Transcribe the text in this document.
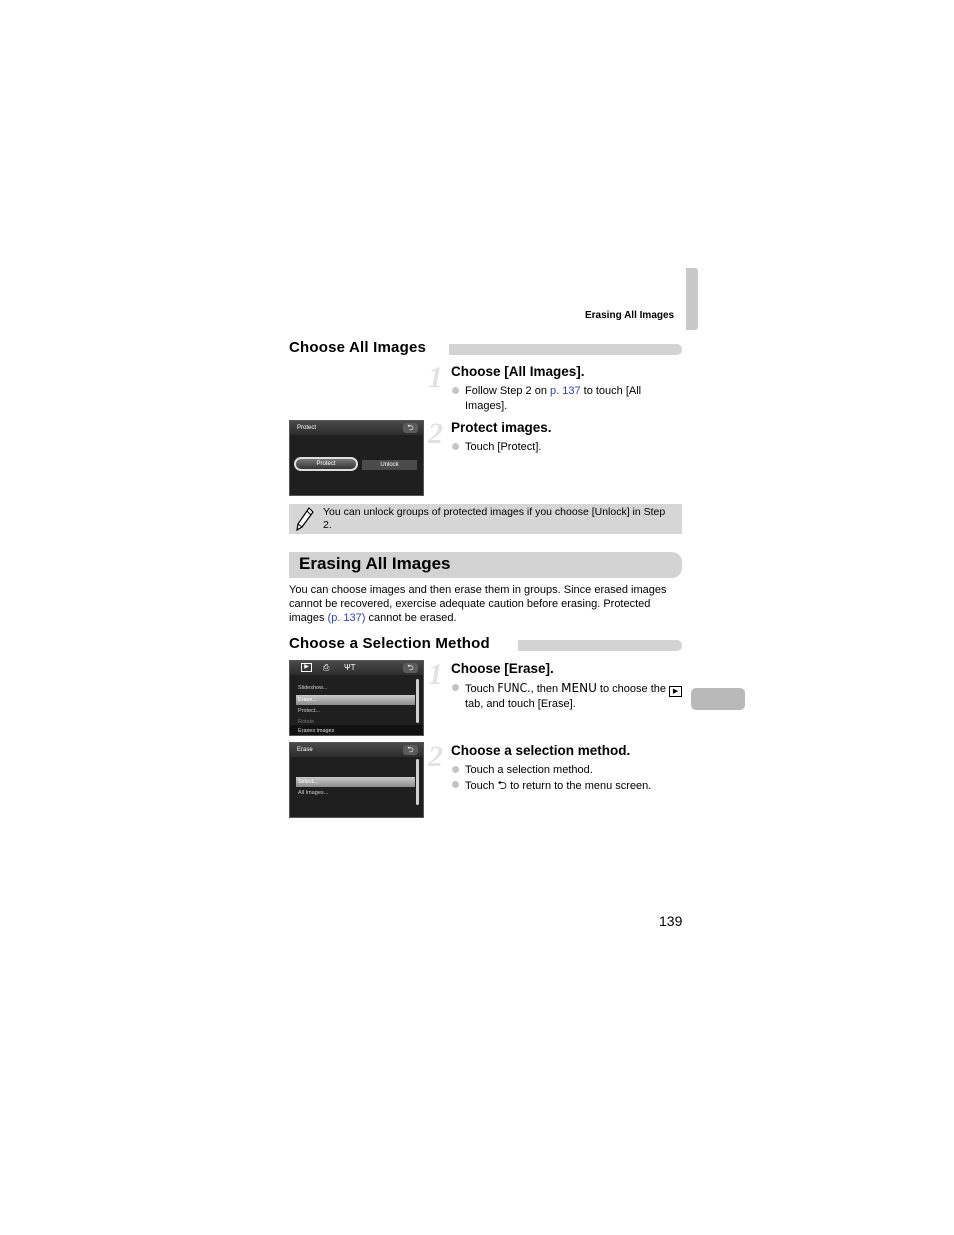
Erasing All Images
Choose All Images
1 Choose [All Images].
Follow Step 2 on p. 137 to touch [All Images].
Protect	⮌
Protect	Unlock
2 Protect images.
Touch [Protect].
You can unlock groups of protected images if you choose [Unlock] in Step 2.
Erasing All Images
You can choose images and then erase them in groups. Since erased images cannot be recovered, exercise adequate caution before erasing. Protected images (p. 137) cannot be erased.
Choose a Selection Method
▶	⎙ ΨT	⮌
Slideshow...
Erase...
Protect...
Rotate
Erases images
Erase	⮌
Select...
All Images...
1 Choose [Erase].
Touch FUNC., then MENU to choose the ▶ tab, and touch [Erase].
2 Choose a selection method.
Touch a selection method.
Touch ⮌ to return to the menu screen.
139
